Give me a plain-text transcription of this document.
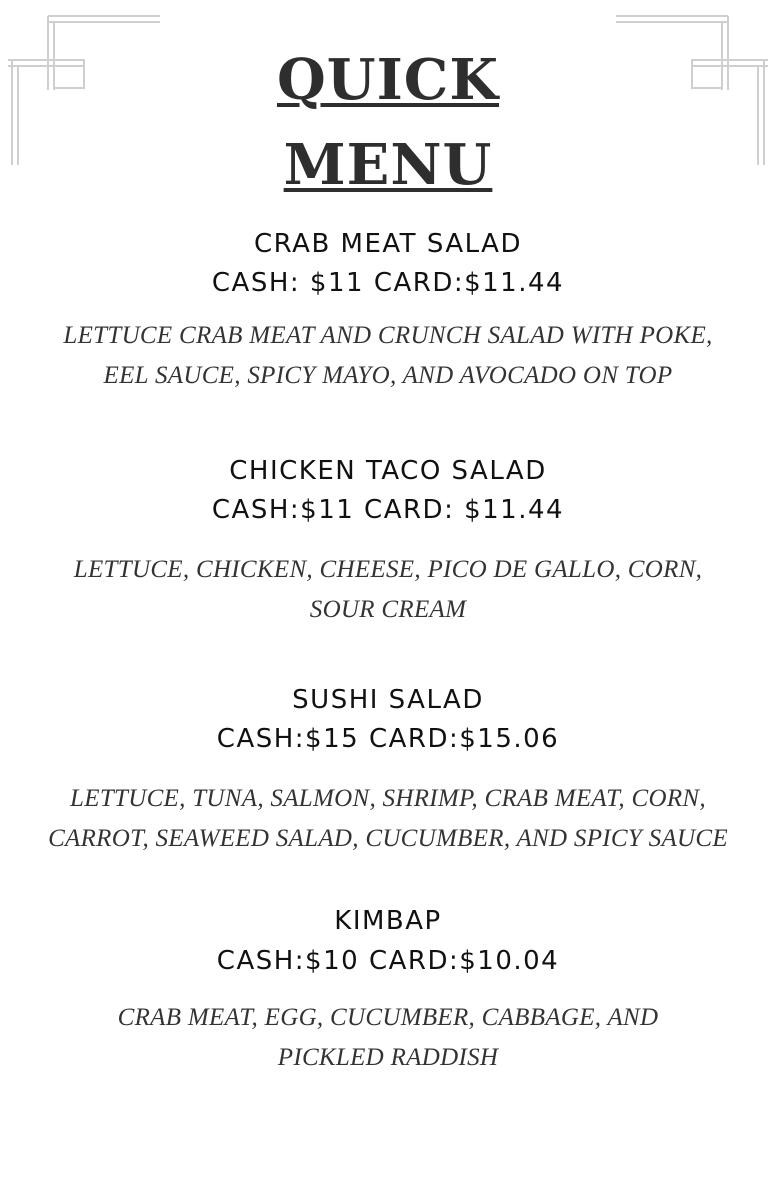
QUICK
MENU
CRAB MEAT SALAD
CASH: $11 CARD:$11.44
LETTUCE CRAB MEAT AND CRUNCH SALAD WITH POKE, EEL SAUCE, SPICY MAYO, AND AVOCADO ON TOP
CHICKEN TACO SALAD
CASH:$11 CARD: $11.44
LETTUCE, CHICKEN, CHEESE, PICO DE GALLO, CORN, SOUR CREAM
SUSHI SALAD
CASH:$15 CARD:$15.06
LETTUCE, TUNA, SALMON, SHRIMP, CRAB MEAT, CORN, CARROT, SEAWEED SALAD, CUCUMBER, AND SPICY SAUCE
KIMBAP
CASH:$10 CARD:$10.04
CRAB MEAT, EGG, CUCUMBER, CABBAGE, AND PICKLED RADDISH
